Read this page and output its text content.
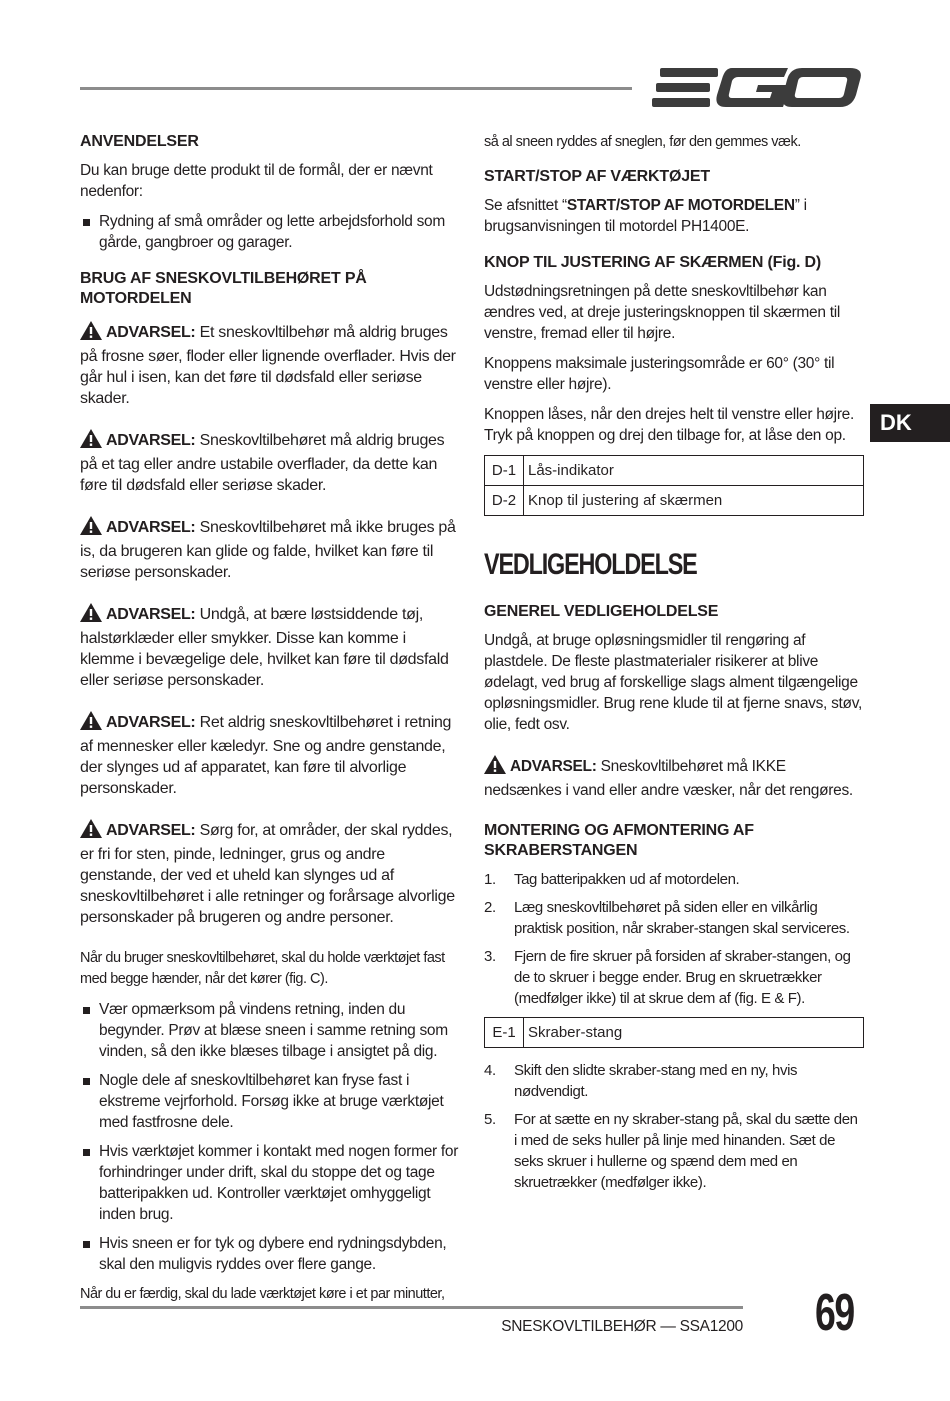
DK
ANVENDELSER

Du kan bruge dette produkt til de formål, der er nævnt nedenfor:

Rydning af små områder og lette arbejdsforhold som gårde, gangbroer og garager.
BRUG AF SNESKOVLTILBEHØRET PÅ MOTORDELEN
ADVARSEL: Et sneskovltilbehør må aldrig bruges på frosne søer, floder eller lignende overflader. Hvis der går hul i isen, kan det føre til dødsfald eller seriøse skader.
ADVARSEL: Sneskovltilbehøret må aldrig bruges på et tag eller andre ustabile overflader, da dette kan føre til dødsfald eller seriøse skader.
ADVARSEL: Sneskovltilbehøret må ikke bruges på is, da brugeren kan glide og falde, hvilket kan føre til seriøse personskader.
ADVARSEL: Undgå, at bære løstsiddende tøj, halstørklæder eller smykker. Disse kan komme i klemme i bevægelige dele, hvilket kan føre til dødsfald eller seriøse personskader.
ADVARSEL: Ret aldrig sneskovltilbehøret i retning af mennesker eller kæledyr. Sne og andre genstande, der slynges ud af apparatet, kan føre til alvorlige personskader.
ADVARSEL: Sørg for, at områder, der skal ryddes, er fri for sten, pinde, ledninger, grus og andre genstande, der ved et uheld kan slynges ud af sneskovltilbehøret i alle retninger og forårsage alvorlige personskader på brugeren og andre personer.

Når du bruger sneskovltilbehøret, skal du holde værktøjet fast med begge hænder, når det kører (fig. C).

Vær opmærksom på vindens retning, inden du begynder. Prøv at blæse sneen i samme retning som vinden, så den ikke blæses tilbage i ansigtet på dig.
Nogle dele af sneskovltilbehøret kan fryse fast i ekstreme vejrforhold. Forsøg ikke at bruge værktøjet med fastfrosne dele.
Hvis værktøjet kommer i kontakt med nogen former for forhindringer under drift, skal du stoppe det og tage batteripakken ud. Kontroller værktøjet omhyggeligt inden brug.
Hvis sneen er for tyk og dybere end rydningsdybden, skal den muligvis ryddes over flere gange.

Når du er færdig, skal du lade værktøjet køre i et par minutter,

så al sneen ryddes af sneglen, før den gemmes væk.

START/STOP AF VÆRKTØJET

Se afsnittet “START/STOP AF MOTORDELEN” i brugsanvisningen til motordel PH1400E.

KNOP TIL JUSTERING AF SKÆRMEN (Fig. D)

Udstødningsretningen på dette sneskovltilbehør kan ændres ved, at dreje justeringsknoppen til skærmen til venstre, fremad eller til højre.

Knoppens maksimale justeringsområde er 60° (30° til venstre eller højre).

Knoppen låses, når den drejes helt til venstre eller højre. Tryk på knoppen og drej den tilbage for, at låse den op.

D-1	Lås-indikator
D-2	Knop til justering af skærmen
VEDLIGEHOLDELSE
GENEREL VEDLIGEHOLDELSE

Undgå, at bruge opløsningsmidler til rengøring af plastdele. De fleste plastmaterialer risikerer at blive ødelagt, ved brug af forskellige slags alment tilgængelige opløsningsmidler. Brug rene klude til at fjerne snavs, støv, olie, fedt osv.

ADVARSEL: Sneskovltilbehøret må IKKE nedsænkes i vand eller andre væsker, når det rengøres.
MONTERING OG AFMONTERING AF SKRABERSTANGEN
1. Tag batteripakken ud af motordelen.
2. Læg sneskovltilbehøret på siden eller en vilkårlig praktisk position, når skraber-stangen skal serviceres.
3. Fjern de fire skruer på forsiden af skraber-stangen, og de to skruer i begge ender. Brug en skruetrækker (medfølger ikke) til at skrue dem af (fig. E & F).
E-1	Skraber-stang
4. Skift den slidte skraber-stang med en ny, hvis nødvendigt.
5. For at sætte en ny skraber-stang på, skal du sætte den i med de seks huller på linje med hinanden. Sæt de seks skruer i hullerne og spænd dem med en skruetrækker (medfølger ikke).
SNESKOVLTILBEHØR — SSA1200 69
